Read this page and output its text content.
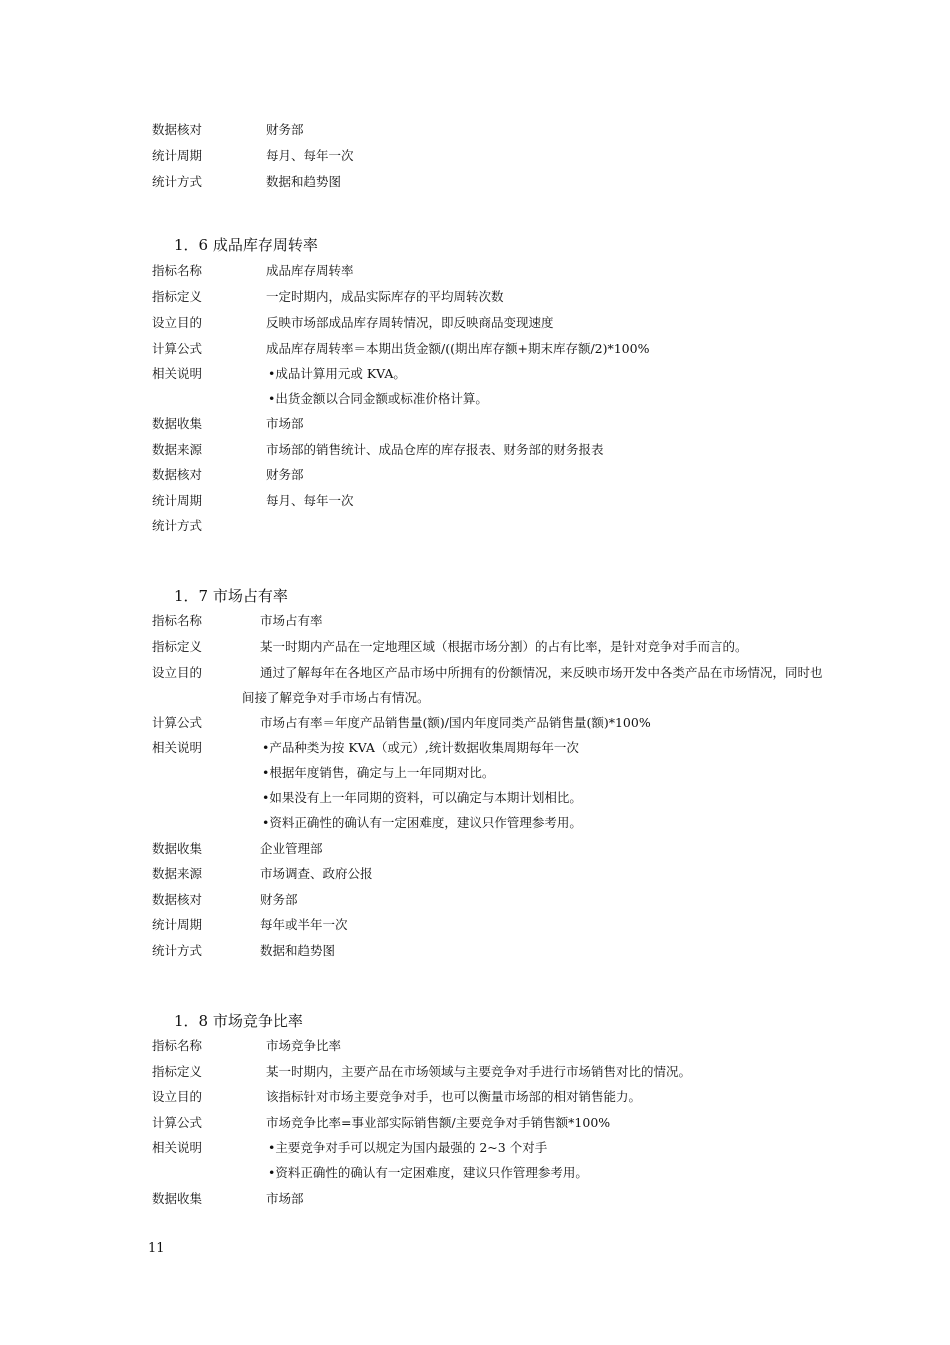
数据核对	财务部
统计周期	每月、每年一次
统计方式	数据和趋势图
1．6 成品库存周转率
指标名称	成品库存周转率
指标定义	一定时期内，成品实际库存的平均周转次数
设立目的	反映市场部成品库存周转情况，即反映商品变现速度
计算公式	成品库存周转率＝本期出货金额/((期出库存额+期末库存额/2)*100%
相关说明	•成品计算用元或 KVA。
•出货金额以合同金额或标准价格计算。
数据收集	市场部
数据来源	市场部的销售统计、成品仓库的库存报表、财务部的财务报表
数据核对	财务部
统计周期	每月、每年一次
统计方式
1．7 市场占有率
指标名称	市场占有率
指标定义	某一时期内产品在一定地理区域（根据市场分割）的占有比率，是针对竞争对手而言的。
设立目的	通过了解每年在各地区产品市场中所拥有的份额情况，来反映市场开发中各类产品在市场情况，同时也
间接了解竞争对手市场占有情况。
计算公式	市场占有率＝年度产品销售量(额)/国内年度同类产品销售量(额)*100%
相关说明	•产品种类为按 KVA（或元）,统计数据收集周期每年一次
•根据年度销售，确定与上一年同期对比。
•如果没有上一年同期的资料，可以确定与本期计划相比。
•资料正确性的确认有一定困难度，建议只作管理参考用。
数据收集	企业管理部
数据来源	市场调查、政府公报
数据核对	财务部
统计周期	每年或半年一次
统计方式	数据和趋势图
1．8 市场竞争比率
指标名称	市场竞争比率
指标定义	某一时期内，主要产品在市场领域与主要竞争对手进行市场销售对比的情况。
设立目的	该指标针对市场主要竞争对手，也可以衡量市场部的相对销售能力。
计算公式	市场竞争比率=事业部实际销售额/主要竞争对手销售额*100%
相关说明	•主要竞争对手可以规定为国内最强的 2~3 个对手
•资料正确性的确认有一定困难度，建议只作管理参考用。
数据收集	市场部
11
